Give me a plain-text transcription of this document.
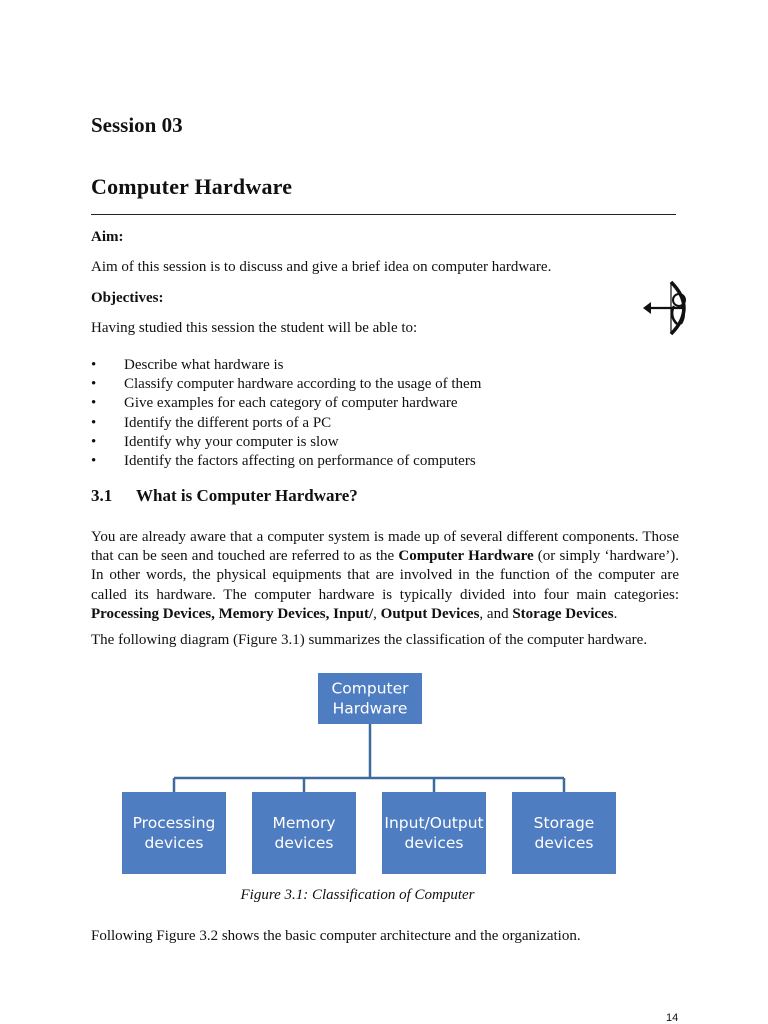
Session 03
Computer Hardware
Aim:
Aim of this session is to discuss and give a brief idea on computer hardware.
Objectives:
Having studied this session the student will be able to:
• Describe what hardware is
• Classify computer hardware according to the usage of them
• Give examples for each category of computer hardware
• Identify the different ports of a PC
• Identify why your computer is slow
• Identify the factors affecting on performance of computers
3.1 What is Computer Hardware?
You are already aware that a computer system is made up of several different components. Those that can be seen and touched are referred to as the Computer Hardware (or simply ‘hardware’). In other words, the physical equipments that are involved in the function of the computer are called its hardware. The computer hardware is typically divided into four main categories: Processing Devices, Memory Devices, Input/, Output Devices, and Storage Devices.
The following diagram (Figure 3.1) summarizes the classification of the computer hardware.
Computer
Hardware
Processing
devices
Memory
devices
Input/Output
devices
Storage
devices
Figure 3.1: Classification of Computer
Following Figure 3.2 shows the basic computer architecture and the organization.
14
